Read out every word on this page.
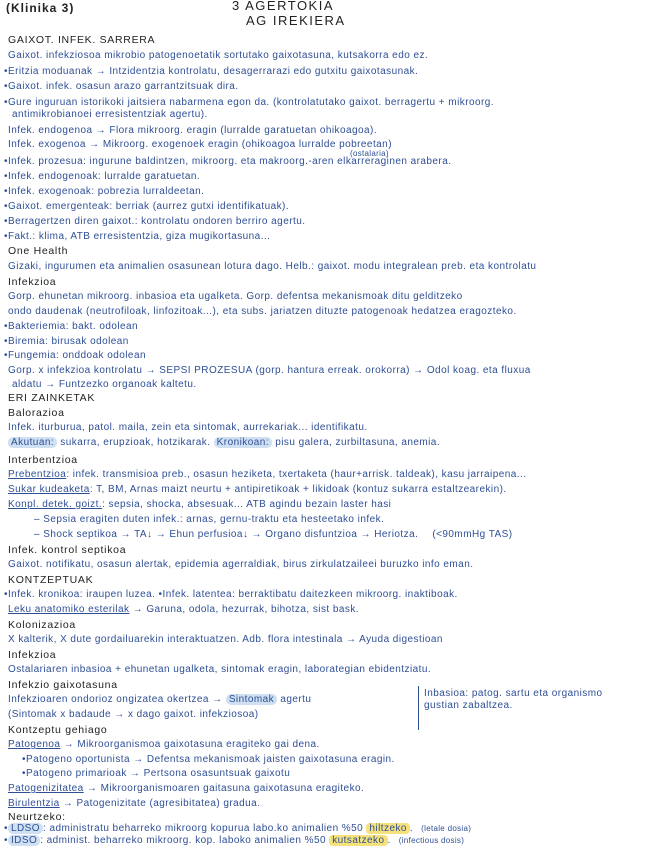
(Klinika 3)	3 AGERTOKIA
AG IREKIERA
GAIXOT. INFEK. SARRERA
Gaixot. infekziosoa mikrobio patogenoetatik sortutako gaixotasuna, kutsakorra edo ez.
•Eritzia moduanak → Intzidentzia kontrolatu, desagerrarazi edo gutxitu gaixotasunak.
•Gaixot. infek. osasun arazo garrantzitsuak dira.
•Gure inguruan istorikoki jaitsiera nabarmena egon da. (kontrolatutako gaixot. berragertu + mikroorg.
antimikrobianoei erresistentziak agertu).
Infek. endogenoa → Flora mikroorg. eragin (lurralde garatuetan ohikoagoa).
Infek. exogenoa → Mikroorg. exogenoek eragin (ohikoagoa lurralde pobreetan)
(ostalaria)
•Infek. prozesua: ingurune baldintzen, mikroorg. eta makroorg.-aren elkarreraginen arabera.
•Infek. endogenoak: lurralde garatuetan.
•Infek. exogenoak: pobrezia lurraldeetan.
•Gaixot. emergenteak: berriak (aurrez gutxi identifikatuak).
•Berragertzen diren gaixot.: kontrolatu ondoren berriro agertu.
•Fakt.: klima, ATB erresistentzia, giza mugikortasuna...
One Health
Gizaki, ingurumen eta animalien osasunean lotura dago. Helb.: gaixot. modu integralean preb. eta kontrolatu
Infekzioa
Gorp. ehunetan mikroorg. inbasioa eta ugalketa. Gorp. defentsa mekanismoak ditu gelditzeko
ondo daudenak (neutrofiloak, linfozitoak...), eta subs. jariatzen dituzte patogenoak hedatzea eragozteko.
•Bakteriemia: bakt. odolean
•Biremia: birusak odolean
•Fungemia: onddoak odolean
Gorp. x infekzioa kontrolatu → SEPSI PROZESUA (gorp. hantura erreak. orokorra) → Odol koag. eta fluxua
aldatu → Funtzezko organoak kaltetu.
ERI ZAINKETAK
Balorazioa
Infek. iturburua, patol. maila, zein eta sintomak, aurrekariak... identifikatu.
Akutuan: sukarra, erupzioak, hotzikarak. Kronikoan: pisu galera, zurbiltasuna, anemia.
Interbentzioa
Prebentzioa: infek. transmisioa preb., osasun heziketa, txertaketa (haur+arrisk. taldeak), kasu jarraipena...
Sukar kudeaketa: T, BM, Arnas maizt neurtu + antipiretikoak + likidoak (kontuz sukarra estaltzearekin).
Konpl. detek. goizt.: sepsia, shocka, absesuak... ATB agindu bezain laster hasi
– Sepsia eragiten duten infek.: arnas, gernu-traktu eta hesteetako infek.
– Shock septikoa → TA↓ → Ehun perfusioa↓ → Organo disfuntzioa → Heriotza. (<90mmHg TAS)
Infek. kontrol septikoa
Gaixot. notifikatu, osasun alertak, epidemia agerraldiak, birus zirkulatzaileei buruzko info eman.
KONTZEPTUAK
•Infek. kronikoa: iraupen luzea. •Infek. latentea: berraktibatu daitezkeen mikroorg. inaktiboak.
Leku anatomiko esterilak → Garuna, odola, hezurrak, bihotza, sist bask.
Kolonizazioa
X kalterik, X dute gordailuarekin interaktuatzen. Adb. flora intestinala → Ayuda digestioan
Infekzioa
Ostalariaren inbasioa + ehunetan ugalketa, sintomak eragin, laborategian ebidentziatu.
Infekzio gaixotasuna
Infekzioaren ondorioz ongizatea okertzea → Sintomak agertu
(Sintomak x badaude → x dago gaixot. infekziosoa)
Inbasioa: patog. sartu eta organismo
gustian zabaltzea.
Kontzeptu gehiago
Patogenoa → Mikroorganismoa gaixotasuna eragiteko gai dena.
•Patogeno oportunista → Defentsa mekanismoak jaisten gaixotasuna eragin.
•Patogeno primarioak → Pertsona osasuntsuak gaixotu
Patogenizitatea → Mikroorganismoaren gaitasuna gaixotasuna eragiteko.
Birulentzia → Patogenizitate (agresibitatea) gradua.
Neurtzeko:
• LDSO : administratu beharreko mikroorg kopurua labo.ko animalien %50 hiltzeko . (letale dosia)
• IDSO : administ. beharreko mikroorg. kop. laboko animalien %50 kutsatzeko . (infectious dosis)
